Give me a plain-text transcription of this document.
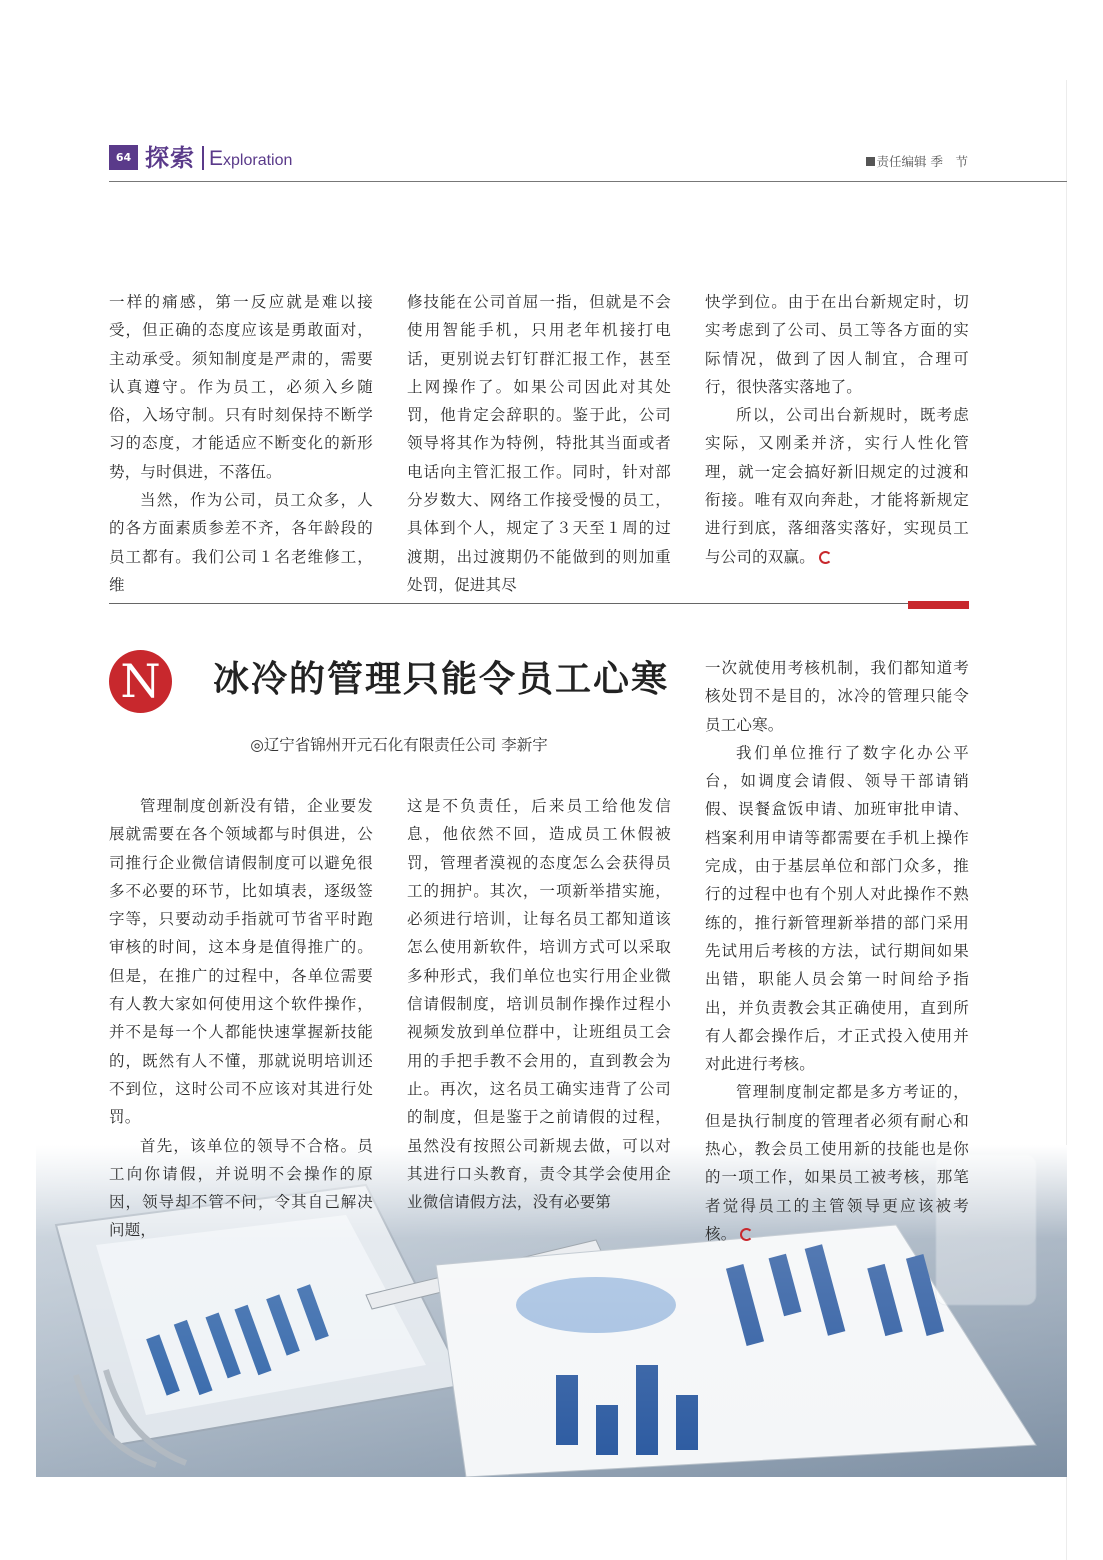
64 探索 Exploration	责任编辑 季　节

一样的痛感，第一反应就是难以接受，但正确的态度应该是勇敢面对，主动承受。须知制度是严肃的，需要认真遵守。作为员工，必须入乡随俗，入场守制。只有时刻保持不断学习的态度，才能适应不断变化的新形势，与时俱进，不落伍。

当然，作为公司，员工众多，人的各方面素质参差不齐，各年龄段的员工都有。我们公司１名老维修工，维

修技能在公司首屈一指，但就是不会使用智能手机，只用老年机接打电话，更别说去钉钉群汇报工作，甚至上网操作了。如果公司因此对其处罚，他肯定会辞职的。鉴于此，公司领导将其作为特例，特批其当面或者电话向主管汇报工作。同时，针对部分岁数大、网络工作接受慢的员工，具体到个人，规定了３天至１周的过渡期，出过渡期仍不能做到的则加重处罚，促进其尽

快学到位。由于在出台新规定时，切实考虑到了公司、员工等各方面的实际情况，做到了因人制宜，合理可行，很快落实落地了。

所以，公司出台新规时，既考虑实际，又刚柔并济，实行人性化管理，就一定会搞好新旧规定的过渡和衔接。唯有双向奔赴，才能将新规定进行到底，落细落实落好，实现员工与公司的双赢。

N	冰冷的管理只能令员工心寒
◎辽宁省锦州开元石化有限责任公司 李新宇

管理制度创新没有错，企业要发展就需要在各个领域都与时俱进，公司推行企业微信请假制度可以避免很多不必要的环节，比如填表，逐级签字等，只要动动手指就可节省平时跑审核的时间，这本身是值得推广的。但是，在推广的过程中，各单位需要有人教大家如何使用这个软件操作，并不是每一个人都能快速掌握新技能的，既然有人不懂，那就说明培训还不到位，这时公司不应该对其进行处罚。

首先，该单位的领导不合格。员工向你请假，并说明不会操作的原因，领导却不管不问，令其自己解决问题，

这是不负责任，后来员工给他发信息，他依然不回，造成员工休假被罚，管理者漠视的态度怎么会获得员工的拥护。其次，一项新举措实施，必须进行培训，让每名员工都知道该怎么使用新软件，培训方式可以采取多种形式，我们单位也实行用企业微信请假制度，培训员制作操作过程小视频发放到单位群中，让班组员工会用的手把手教不会用的，直到教会为止。再次，这名员工确实违背了公司的制度，但是鉴于之前请假的过程，虽然没有按照公司新规去做，可以对其进行口头教育，责令其学会使用企业微信请假方法，没有必要第

一次就使用考核机制，我们都知道考核处罚不是目的，冰冷的管理只能令员工心寒。

我们单位推行了数字化办公平台，如调度会请假、领导干部请销假、误餐盒饭申请、加班审批申请、档案利用申请等都需要在手机上操作完成，由于基层单位和部门众多，推行的过程中也有个别人对此操作不熟练的，推行新管理新举措的部门采用先试用后考核的方法，试行期间如果出错，职能人员会第一时间给予指出，并负责教会其正确使用，直到所有人都会操作后，才正式投入使用并对此进行考核。

管理制度制定都是多方考证的，但是执行制度的管理者必须有耐心和热心，教会员工使用新的技能也是你的一项工作，如果员工被考核，那笔者觉得员工的主管领导更应该被考核。
